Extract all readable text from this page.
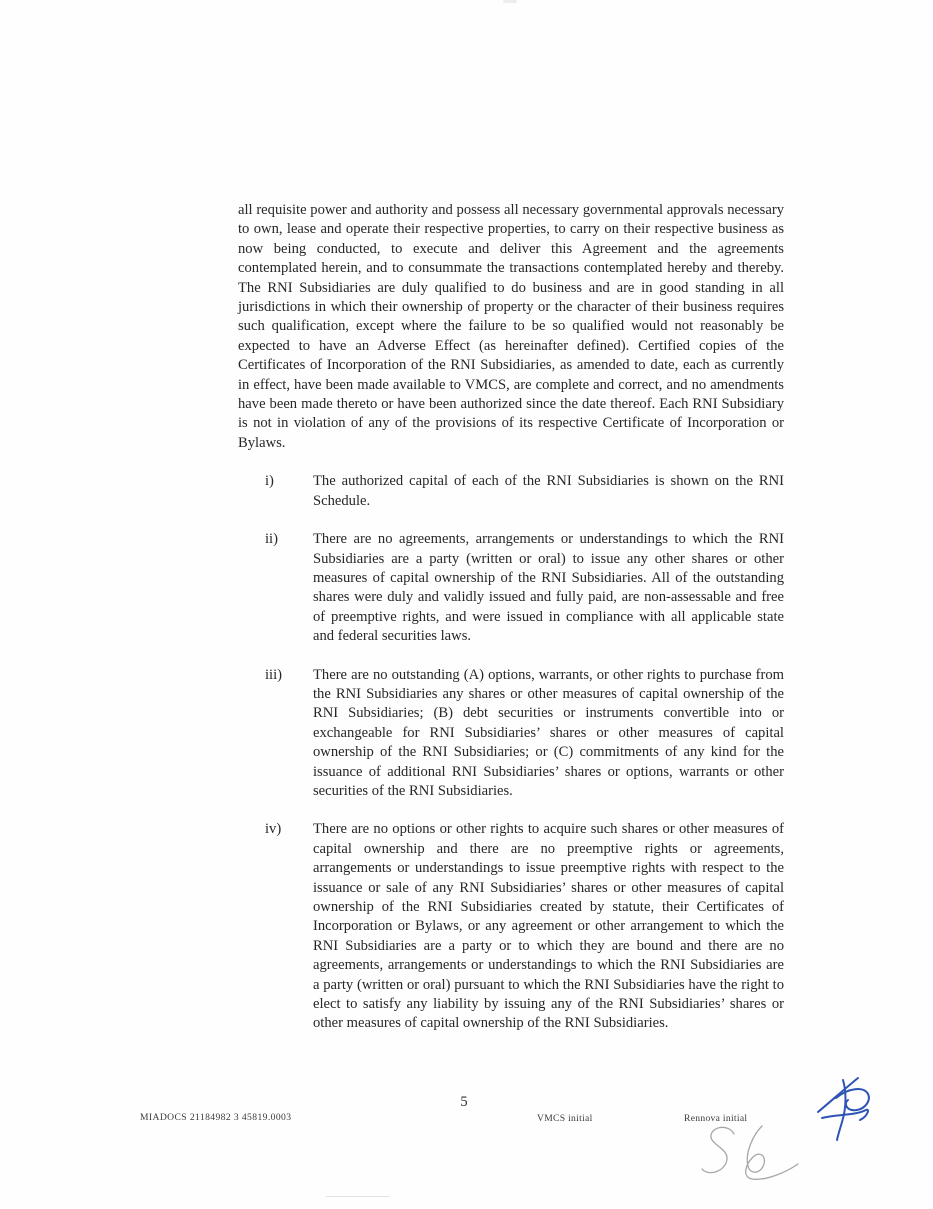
all requisite power and authority and possess all necessary governmental approvals necessary to own, lease and operate their respective properties, to carry on their respective business as now being conducted, to execute and deliver this Agreement and the agreements contemplated herein, and to consummate the transactions contemplated hereby and thereby. The RNI Subsidiaries are duly qualified to do business and are in good standing in all jurisdictions in which their ownership of property or the character of their business requires such qualification, except where the failure to be so qualified would not reasonably be expected to have an Adverse Effect (as hereinafter defined). Certified copies of the Certificates of Incorporation of the RNI Subsidiaries, as amended to date, each as currently in effect, have been made available to VMCS, are complete and correct, and no amendments have been made thereto or have been authorized since the date thereof. Each RNI Subsidiary is not in violation of any of the provisions of its respective Certificate of Incorporation or Bylaws.

i)	The authorized capital of each of the RNI Subsidiaries is shown on the RNI Schedule.
ii)	There are no agreements, arrangements or understandings to which the RNI Subsidiaries are a party (written or oral) to issue any other shares or other measures of capital ownership of the RNI Subsidiaries. All of the outstanding shares were duly and validly issued and fully paid, are non-assessable and free of preemptive rights, and were issued in compliance with all applicable state and federal securities laws.
iii)	There are no outstanding (A) options, warrants, or other rights to purchase from the RNI Subsidiaries any shares or other measures of capital ownership of the RNI Subsidiaries; (B) debt securities or instruments convertible into or exchangeable for RNI Subsidiaries’ shares or other measures of capital ownership of the RNI Subsidiaries; or (C) commitments of any kind for the issuance of additional RNI Subsidiaries’ shares or options, warrants or other securities of the RNI Subsidiaries.
iv)	There are no options or other rights to acquire such shares or other measures of capital ownership and there are no preemptive rights or agreements, arrangements or understandings to issue preemptive rights with respect to the issuance or sale of any RNI Subsidiaries’ shares or other measures of capital ownership of the RNI Subsidiaries created by statute, their Certificates of Incorporation or Bylaws, or any agreement or other arrangement to which the RNI Subsidiaries are a party or to which they are bound and there are no agreements, arrangements or understandings to which the RNI Subsidiaries are a party (written or oral) pursuant to which the RNI Subsidiaries have the right to elect to satisfy any liability by issuing any of the RNI Subsidiaries’ shares or other measures of capital ownership of the RNI Subsidiaries.
5
MIADOCS 21184982 3 45819.0003	VMCS initial	Rennova initial
